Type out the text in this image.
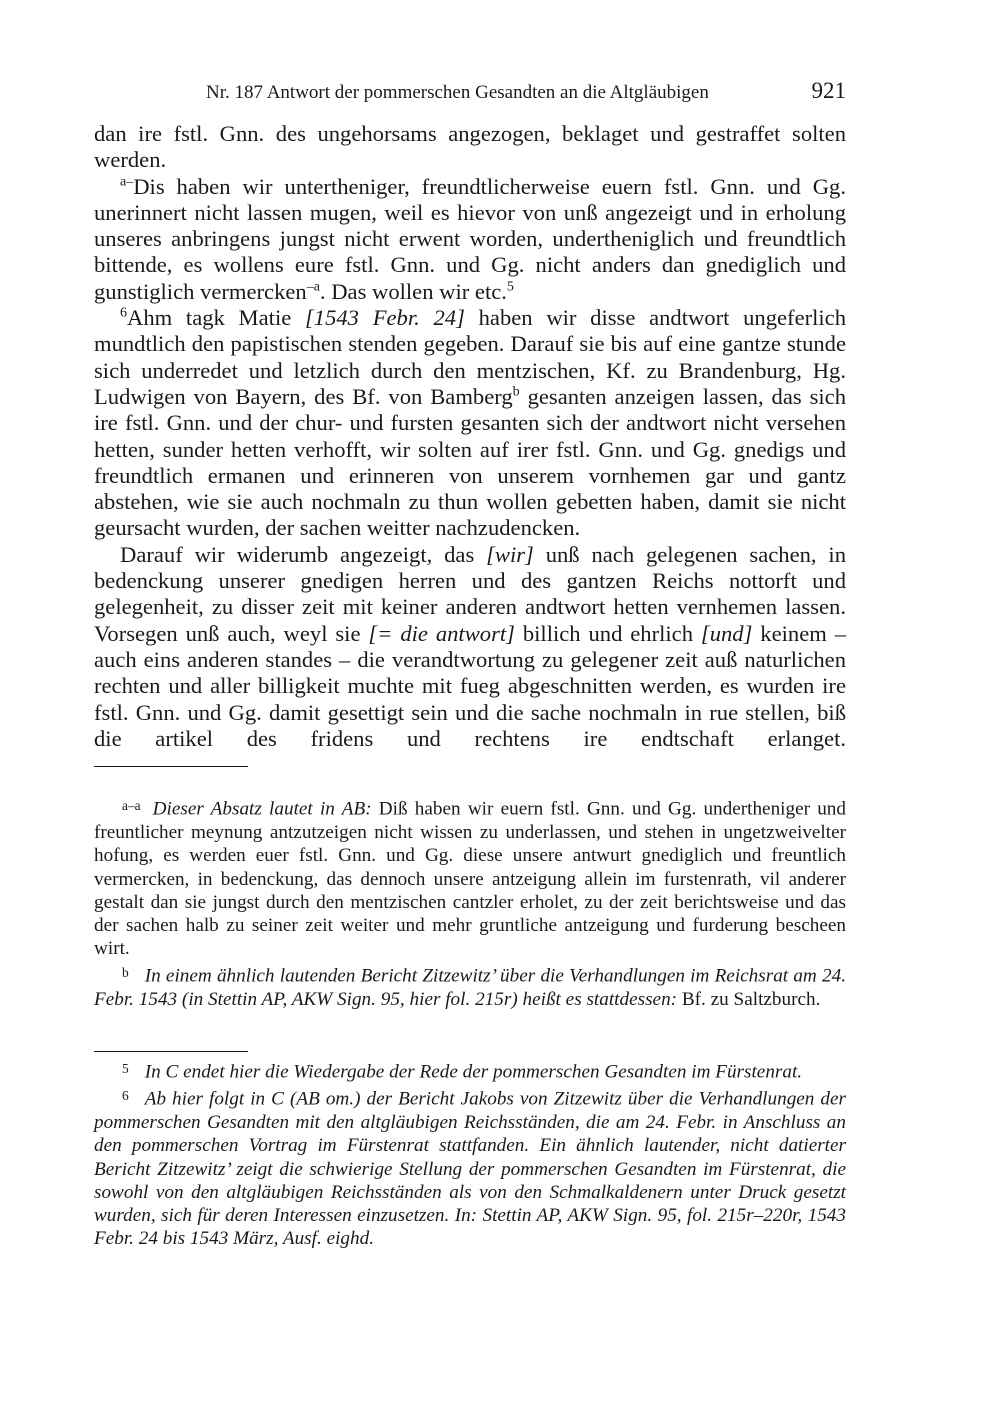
Nr. 187 Antwort der pommerschen Gesandten an die Altgläubigen	921

dan ire fstl. Gnn. des ungehorsams angezogen, beklaget und gestraffet solten werden.

$^{a-}$Dis haben wir untertheniger, freundtlicherweise euern fstl. Gnn. und Gg. unerinnert nicht lassen mugen, weil es hievor von unß angezeigt und in erholung unseres anbringens jungst nicht erwent worden, undertheniglich und freundtlich bittende, es wollens eure fstl. Gnn. und Gg. nicht anders dan gnediglich und gunstiglich vermercken$^{-a}$. Das wollen wir etc.$^5$

$^6$Ahm tagk Matie [1543 Febr. 24] haben wir disse andtwort ungeferlich mundtlich den papistischen stenden gegeben. Darauf sie bis auf eine gantze stunde sich underredet und letzlich durch den mentzischen, Kf. zu Brandenburg, Hg. Ludwigen von Bayern, des Bf. von Bamberg$^b$ gesanten anzeigen lassen, das sich ire fstl. Gnn. und der chur- und fursten gesanten sich der andtwort nicht versehen hetten, sunder hetten verhofft, wir solten auf irer fstl. Gnn. und Gg. gnedigs und freundtlich ermanen und erinneren von unserem vornhemen gar und gantz abstehen, wie sie auch nochmaln zu thun wollen gebetten haben, damit sie nicht geursacht wurden, der sachen weitter nachzudencken.

Darauf wir widerumb angezeigt, das [wir] unß nach gelegenen sachen, in bedenckung unserer gnedigen herren und des gantzen Reichs nottorft und gelegenheit, zu disser zeit mit keiner anderen andtwort hetten vernhemen lassen. Vorsegen unß auch, weyl sie [= die antwort] billich und ehrlich [und] keinem – auch eins anderen standes – die verandtwortung zu gelegener zeit auß naturlichen rechten und aller billigkeit muchte mit fueg abgeschnitten werden, es wurden ire fstl. Gnn. und Gg. damit gesettigt sein und die sache nochmaln in rue stellen, biß die artikel des fridens und rechtens ire endtschaft erlanget.

$^{a-a}$ Dieser Absatz lautet in AB: Diß haben wir euern fstl. Gnn. und Gg. undertheniger und freuntlicher meynung antzutzeigen nicht wissen zu underlassen, und stehen in ungetzweivelter hofung, es werden euer fstl. Gnn. und Gg. diese unsere antwurt gnediglich und freuntlich vermercken, in bedenckung, das dennoch unsere antzeigung allein im furstenrath, vil anderer gestalt dan sie jungst durch den mentzischen cantzler erholet, zu der zeit berichtsweise und das der sachen halb zu seiner zeit weiter und mehr gruntliche antzeigung und furderung bescheen wirt.

$^b$ In einem ähnlich lautenden Bericht Zitzewitz’ über die Verhandlungen im Reichsrat am 24. Febr. 1543 (in Stettin AP, AKW Sign. 95, hier fol. 215r) heißt es stattdessen: Bf. zu Saltzburch.

$^5$ In C endet hier die Wiedergabe der Rede der pommerschen Gesandten im Fürstenrat.

$^6$ Ab hier folgt in C (AB om.) der Bericht Jakobs von Zitzewitz über die Verhandlungen der pommerschen Gesandten mit den altgläubigen Reichsständen, die am 24. Febr. in Anschluss an den pommerschen Vortrag im Fürstenrat stattfanden. Ein ähnlich lautender, nicht datierter Bericht Zitzewitz’ zeigt die schwierige Stellung der pommerschen Gesandten im Fürstenrat, die sowohl von den altgläubigen Reichsständen als von den Schmalkaldenern unter Druck gesetzt wurden, sich für deren Interessen einzusetzen. In: Stettin AP, AKW Sign. 95, fol. 215r–220r, 1543 Febr. 24 bis 1543 März, Ausf. eighd.
